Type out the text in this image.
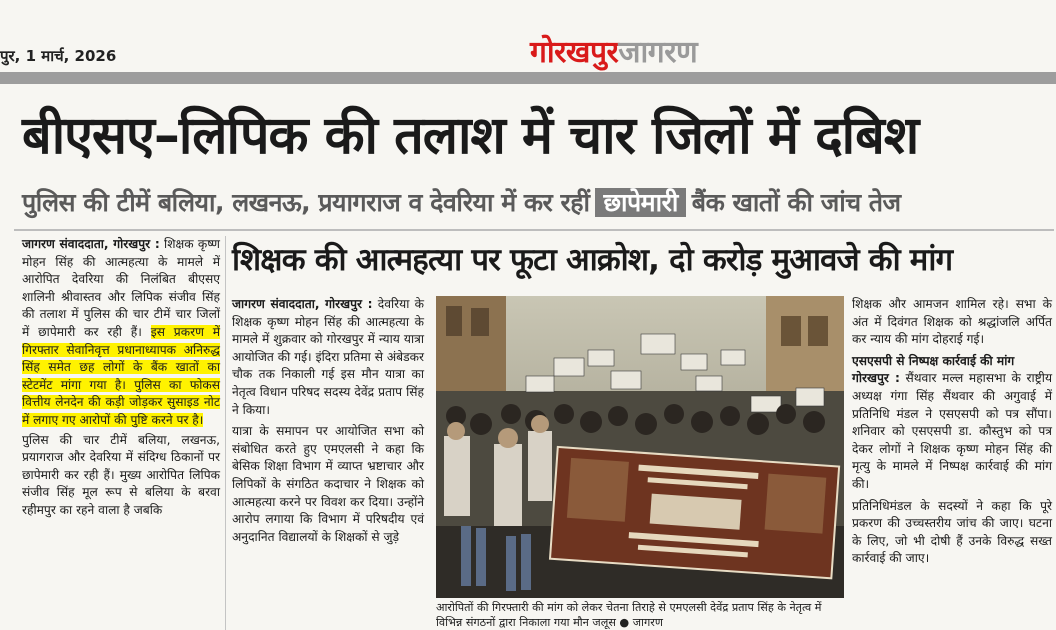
पुर, 1 मार्च, 2026	गोरखपुरजागरण
बीएसए–लिपिक की तलाश में चार जिलों में दबिश
पुलिस की टीमें बलिया, लखनऊ, प्रयागराज व देवरिया में कर रहीं छापेमारी बैंक खातों की जांच तेज

जागरण संवाददाता, गोरखपुर : शिक्षक कृष्ण मोहन सिंह की आत्महत्या के मामले में आरोपित देवरिया की निलंबित बीएसए शालिनी श्रीवास्तव और लिपिक संजीव सिंह की तलाश में पुलिस की चार टीमें चार जिलों में छापेमारी कर रही हैं। इस प्रकरण में गिरफ्तार सेवानिवृत्त प्रधानाध्यापक अनिरुद्ध सिंह समेत छह लोगों के बैंक खातों का स्टेटमेंट मांगा गया है। पुलिस का फोकस वित्तीय लेनदेन की कड़ी जोड़कर सुसाइड नोट में लगाए गए आरोपों की पुष्टि करने पर है।

पुलिस की चार टीमें बलिया, लखनऊ, प्रयागराज और देवरिया में संदिग्ध ठिकानों पर छापेमारी कर रही हैं। मुख्य आरोपित लिपिक संजीव सिंह मूल रूप से बलिया के बरवा रहीमपुर का रहने वाला है जबकि

शिक्षक की आत्महत्या पर फूटा आक्रोश, दो करोड़ मुआवजे की मांग

जागरण संवाददाता, गोरखपुर : देवरिया के शिक्षक कृष्ण मोहन सिंह की आत्महत्या के मामले में शुक्रवार को गोरखपुर में न्याय यात्रा आयोजित की गई। इंदिरा प्रतिमा से अंबेडकर चौक तक निकाली गई इस मौन यात्रा का नेतृत्व विधान परिषद सदस्य देवेंद्र प्रताप सिंह ने किया।

यात्रा के समापन पर आयोजित सभा को संबोधित करते हुए एमएलसी ने कहा कि बेसिक शिक्षा विभाग में व्याप्त भ्रष्टाचार और लिपिकों के संगठित कदाचार ने शिक्षक को आत्महत्या करने पर विवश कर दिया। उन्होंने आरोप लगाया कि विभाग में परिषदीय एवं अनुदानित विद्यालयों के शिक्षकों से जुड़े

आरोपितों की गिरफ्तारी की मांग को लेकर चेतना तिराहे से एमएलसी देवेंद्र प्रताप सिंह के नेतृत्व में विभिन्न संगठनों द्वारा निकाला गया मौन जलूस ● जागरण

शिक्षक और आमजन शामिल रहे। सभा के अंत में दिवंगत शिक्षक को श्रद्धांजलि अर्पित कर न्याय की मांग दोहराई गई।

एसएसपी से निष्पक्ष कार्रवाई की मांग
गोरखपुर : सैंथवार मल्ल महासभा के राष्ट्रीय अध्यक्ष गंगा सिंह सैंथवार की अगुवाई में प्रतिनिधि मंडल ने एसएसपी को पत्र सौंपा। शनिवार को एसएसपी डा. कौस्तुभ को पत्र देकर लोगों ने शिक्षक कृष्ण मोहन सिंह की मृत्यु के मामले में निष्पक्ष कार्रवाई की मांग की।

प्रतिनिधिमंडल के सदस्यों ने कहा कि पूरे प्रकरण की उच्चस्तरीय जांच की जाए। घटना के लिए, जो भी दोषी हैं उनके विरुद्ध सख्त कार्रवाई की जाए।
